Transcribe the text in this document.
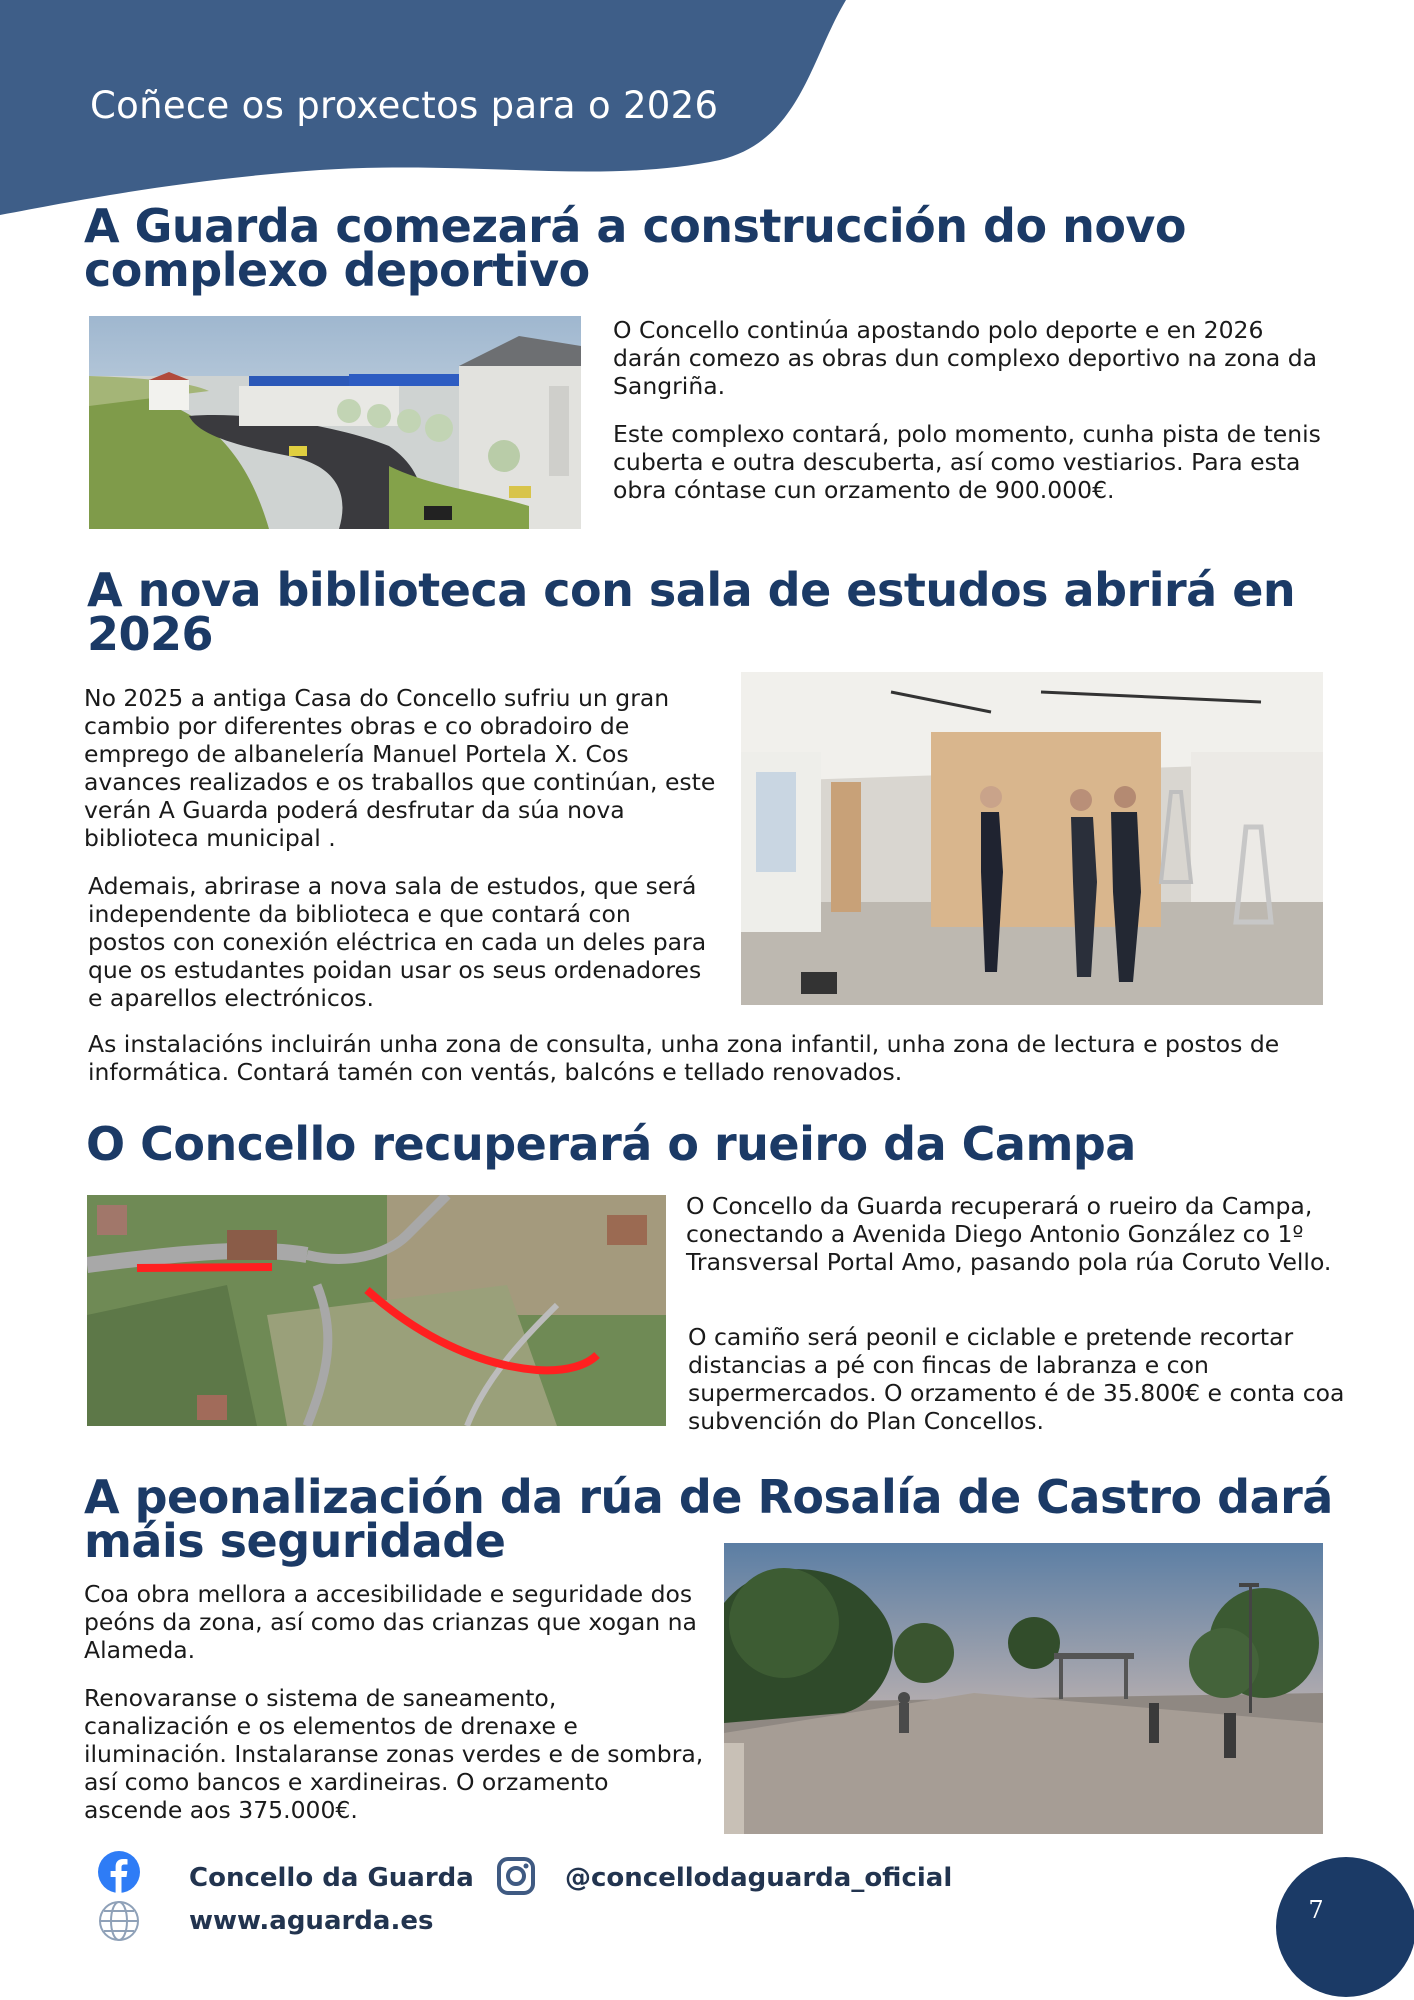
Coñece os proxectos para o 2026
A Guarda comezará a construcción do novo complexo deportivo

O Concello continúa apostando polo deporte e en 2026 darán comezo as obras dun complexo deportivo na zona da Sangriña.

Este complexo contará, polo momento, cunha pista de tenis cuberta e outra descuberta, así como vestiarios. Para esta obra cóntase cun orzamento de 900.000€.

A nova biblioteca con sala de estudos abrirá en 2026

No 2025 a antiga Casa do Concello sufriu un gran cambio por diferentes obras e co obradoiro de emprego de albanelería Manuel Portela X. Cos avances realizados e os traballos que continúan, este verán A Guarda poderá desfrutar da súa nova biblioteca municipal .

Ademais, abrirase a nova sala de estudos, que será independente da biblioteca e que contará con postos con conexión eléctrica en cada un deles para que os estudantes poidan usar os seus ordenadores e aparellos electrónicos.

As instalacións incluirán unha zona de consulta, unha zona infantil, unha zona de lectura e postos de informática. Contará tamén con ventás, balcóns e tellado renovados.

O Concello recuperará o rueiro da Campa

O Concello da Guarda recuperará o rueiro da Campa, conectando a Avenida Diego Antonio González co 1º Transversal Portal Amo, pasando pola rúa Coruto Vello.

O camiño será peonil e ciclable e pretende recortar distancias a pé con fincas de labranza e con supermercados. O orzamento é de 35.800€ e conta coa subvención do Plan Concellos.

A peonalización da rúa de Rosalía de Castro dará máis seguridade

Coa obra mellora a accesibilidade e seguridade dos peóns da zona, así como das crianzas que xogan na Alameda.

Renovaranse o sistema de saneamento, canalización e os elementos de drenaxe e iluminación. Instalaranse zonas verdes e de sombra, así como bancos e xardineiras. O orzamento ascende aos 375.000€.

Concello da Guarda	@concellodaguarda_oficial
www.aguarda.es	7
